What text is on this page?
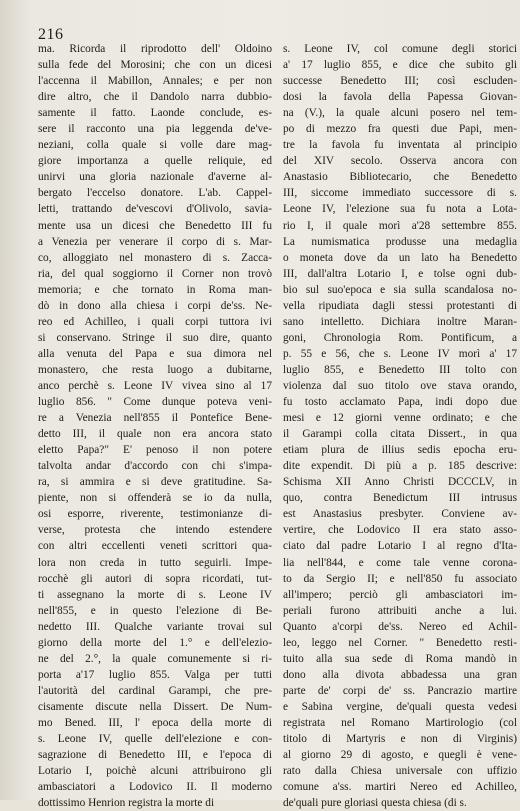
216
ma. Ricorda il riprodotto dell' Oldoino
sulla fede del Morosini; che con un dicesi
l'accenna il Mabillon, Annales; e per non
dire altro, che il Dandolo narra dubbio-
samente il fatto. Laonde conclude, es-
sere il racconto una pia leggenda de've-
neziani, colla quale si volle dare mag-
giore importanza a quelle reliquie, ed
unirvi una gloria nazionale d'averne al-
bergato l'eccelso donatore. L'ab. Cappel-
letti, trattando de'vescovi d'Olivolo, savia-
mente usa un dicesi che Benedetto III fu
a Venezia per venerare il corpo di s. Mar-
co, alloggiato nel monastero di s. Zacca-
ria, del qual soggiorno il Corner non trovò
memoria; e che tornato in Roma man-
dò in dono alla chiesa i corpi de'ss. Ne-
reo ed Achilleo, i quali corpi tuttora ivi
si conservano. Stringe il suo dire, quanto
alla venuta del Papa e sua dimora nel
monastero, che resta luogo a dubitarne,
anco perchè s. Leone IV vivea sino al 17
luglio 856. " Come dunque poteva veni-
re a Venezia nell'855 il Pontefice Bene-
detto III, il quale non era ancora stato
eletto Papa?" E' penoso il non potere
talvolta andar d'accordo con chi s'impa-
ra, si ammira e si deve gratitudine. Sa-
piente, non si offenderà se io da nulla,
osi esporre, riverente, testimonianze di-
verse, protesta che intendo estendere
con altri eccellenti veneti scrittori qua-
lora non creda in tutto seguirli. Impe-
rocchè gli autori di sopra ricordati, tut-
ti assegnano la morte di s. Leone IV
nell'855, e in questo l'elezione di Be-
nedetto III. Qualche variante trovai sul
giorno della morte del 1.° e dell'elezio-
ne del 2.°, la quale comunemente si ri-
porta a'17 luglio 855. Valga per tutti
l'autorità del cardinal Garampi, che pre-
cisamente discute nella Dissert. De Num-
mo Bened. III, l' epoca della morte di
s. Leone IV, quelle dell'elezione e con-
sagrazione di Benedetto III, e l'epoca di
Lotario I, poichè alcuni attribuirono gli
ambasciatori a Lodovico II. Il moderno
dottissimo Henrion registra la morte di
s. Leone IV, col comune degli storici
a' 17 luglio 855, e dice che subito gli
successe Benedetto III; così escluden-
dosi la favola della Papessa Giovan-
na (V.), la quale alcuni posero nel tem-
po di mezzo fra questi due Papi, men-
tre la favola fu inventata al principio
del XIV secolo. Osserva ancora con
Anastasio Bibliotecario, che Benedetto
III, siccome immediato successore di s.
Leone IV, l'elezione sua fu nota a Lota-
rio I, il quale morì a'28 settembre 855.
La numismatica produsse una medaglia
o moneta dove da un lato ha Benedetto
III, dall'altra Lotario I, e tolse ogni dub-
bio sul suo'epoca e sia sulla scandalosa no-
vella ripudiata dagli stessi protestanti di
sano intelletto. Dichiara inoltre Maran-
goni, Chronologia Rom. Pontificum, a
p. 55 e 56, che s. Leone IV morì a' 17
luglio 855, e Benedetto III tolto con
violenza dal suo titolo ove stava orando,
fu tosto acclamato Papa, indi dopo due
mesi e 12 giorni venne ordinato; e che
il Garampi colla citata Dissert., in qua
etiam plura de illius sedis epocha eru-
dite expendit. Di più a p. 185 descrive:
Schisma XII Anno Christi DCCCLV, in
quo, contra Benedictum III intrusus
est Anastasius presbyter. Conviene av-
vertire, che Lodovico II era stato asso-
ciato dal padre Lotario I al regno d'Ita-
lia nell'844, e come tale venne corona-
to da Sergio II; e nell'850 fu associato
all'impero; perciò gli ambasciatori im-
periali furono attribuiti anche a lui.
Quanto a'corpi de'ss. Nereo ed Achil-
leo, leggo nel Corner. " Benedetto resti-
tuito alla sua sede di Roma mandò in
dono alla divota abbadessa una gran
parte de' corpi de' ss. Pancrazio martire
e Sabina vergine, de'quali questa vedesi
registrata nel Romano Martirologio (col
titolo di Martyris e non di Virginis)
al giorno 29 di agosto, e quegli è vene-
rato dalla Chiesa universale con uffizio
comune a'ss. martiri Nereo ed Achilleo,
de'quali pure gloriasi questa chiesa (di s.
